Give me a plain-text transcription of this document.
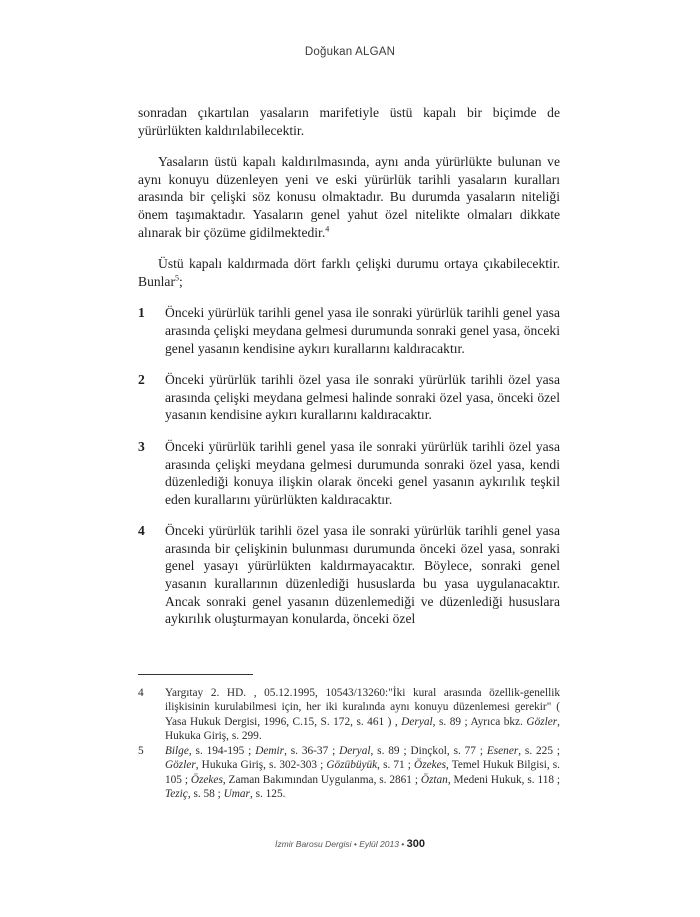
Doğukan ALGAN

sonradan çıkartılan yasaların marifetiyle üstü kapalı bir biçimde de yürürlükten kaldırılabilecektir.

Yasaların üstü kapalı kaldırılmasında, aynı anda yürürlükte bulunan ve aynı konuyu düzenleyen yeni ve eski yürürlük tarihli yasaların kuralları arasında bir çelişki söz konusu olmaktadır. Bu durumda yasaların niteliği önem taşımaktadır. Yasaların genel yahut özel nitelikte olmaları dikkate alınarak bir çözüme gidilmektedir.$^4$

Üstü kapalı kaldırmada dört farklı çelişki durumu ortaya çıkabilecektir. Bunlar$^5$;

1	Önceki yürürlük tarihli genel yasa ile sonraki yürürlük tarihli genel yasa arasında çelişki meydana gelmesi durumunda sonraki genel yasa, önceki genel yasanın kendisine aykırı kurallarını kaldıracaktır.
2	Önceki yürürlük tarihli özel yasa ile sonraki yürürlük tarihli özel yasa arasında çelişki meydana gelmesi halinde sonraki özel yasa, önceki özel yasanın kendisine aykırı kurallarını kaldıracaktır.
3	Önceki yürürlük tarihli genel yasa ile sonraki yürürlük tarihli özel yasa arasında çelişki meydana gelmesi durumunda sonraki özel yasa, kendi düzenlediği konuya ilişkin olarak önceki genel yasanın aykırılık teşkil eden kurallarını yürürlükten kaldıracaktır.
4	Önceki yürürlük tarihli özel yasa ile sonraki yürürlük tarihli genel yasa arasında bir çelişkinin bulunması durumunda önceki özel yasa, sonraki genel yasayı yürürlükten kaldırmayacaktır. Böylece, sonraki genel yasanın kurallarının düzenlediği hususlarda bu yasa uygulanacaktır. Ancak sonraki genel yasanın düzenlemediği ve düzenlediği hususlara aykırılık oluşturmayan konularda, önceki özel
4	Yargıtay 2. HD. , 05.12.1995, 10543/13260:"İki kural arasında özellik-genellik ilişkisinin kurulabilmesi için, her iki kuralında aynı konuyu düzenlemesi gerekir" ( Yasa Hukuk Dergisi, 1996, C.15, S. 172, s. 461 ) , Deryal, s. 89 ; Ayrıca bkz. Gözler, Hukuka Giriş, s. 299.
5	Bilge, s. 194-195 ; Demir, s. 36-37 ; Deryal, s. 89 ; Dinçkol, s. 77 ; Esener, s. 225 ; Gözler, Hukuka Giriş, s. 302-303 ; Gözübüyük, s. 71 ; Özekes, Temel Hukuk Bilgisi, s. 105 ; Özekes, Zaman Bakımından Uygulanma, s. 2861 ; Öztan, Medeni Hukuk, s. 118 ; Teziç, s. 58 ; Umar, s. 125.
İzmir Barosu Dergisi • Eylül 2013 • 300
